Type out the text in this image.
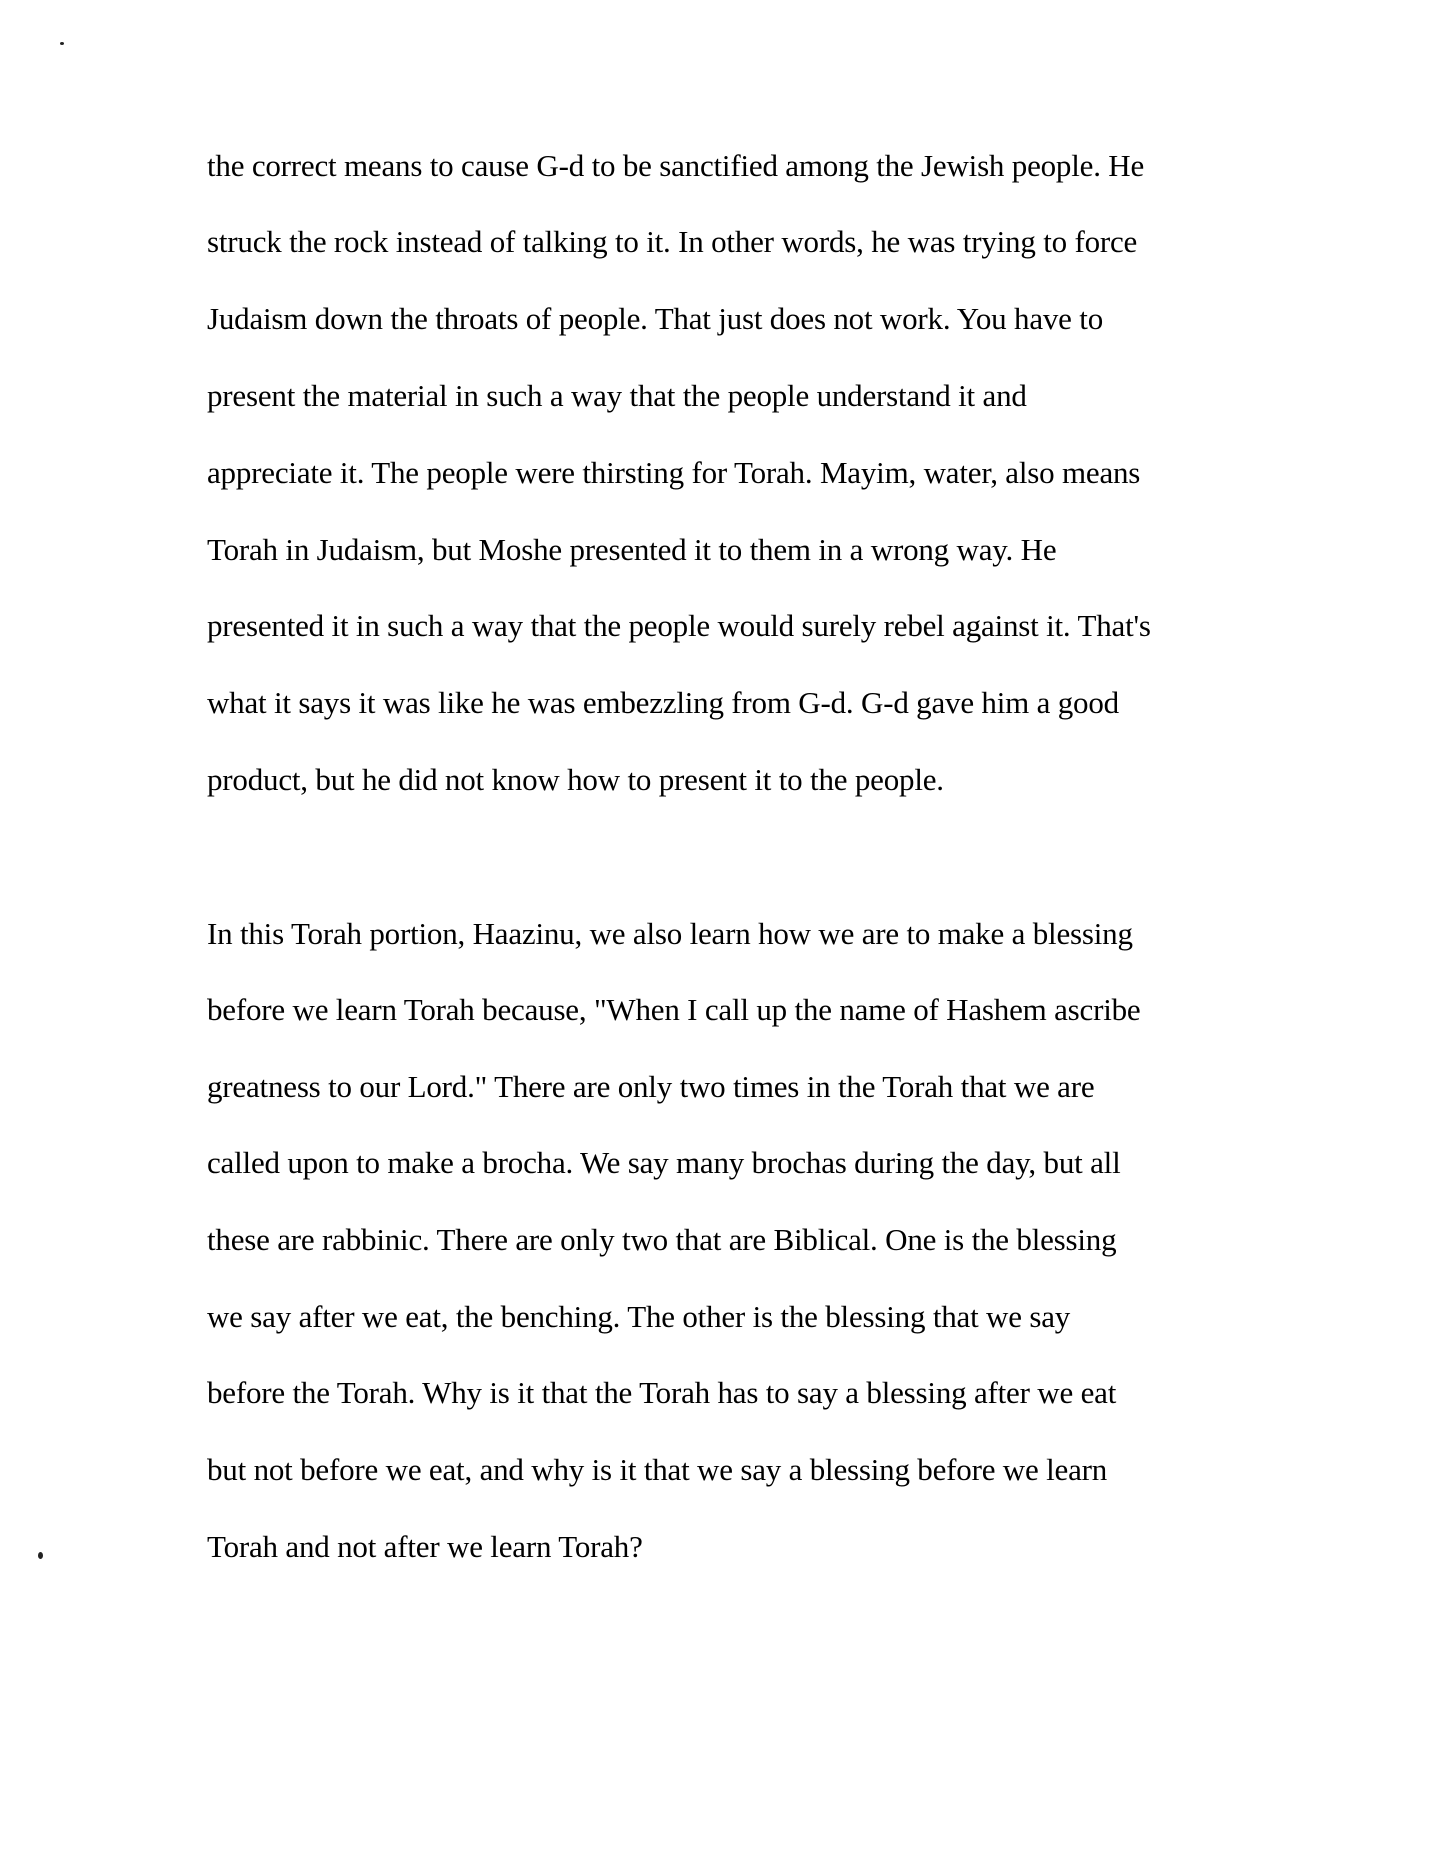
the correct means to cause G-d to be sanctified among the Jewish people. He
struck the rock instead of talking to it. In other words, he was trying to force
Judaism down the throats of people. That just does not work. You have to
present the material in such a way that the people understand it and
appreciate it. The people were thirsting for Torah. Mayim, water, also means
Torah in Judaism, but Moshe presented it to them in a wrong way. He
presented it in such a way that the people would surely rebel against it. That's
what it says it was like he was embezzling from G-d. G-d gave him a good
product, but he did not know how to present it to the people.
In this Torah portion, Haazinu, we also learn how we are to make a blessing
before we learn Torah because, "When I call up the name of Hashem ascribe
greatness to our Lord." There are only two times in the Torah that we are
called upon to make a brocha. We say many brochas during the day, but all
these are rabbinic. There are only two that are Biblical. One is the blessing
we say after we eat, the benching. The other is the blessing that we say
before the Torah. Why is it that the Torah has to say a blessing after we eat
but not before we eat, and why is it that we say a blessing before we learn
Torah and not after we learn Torah?
